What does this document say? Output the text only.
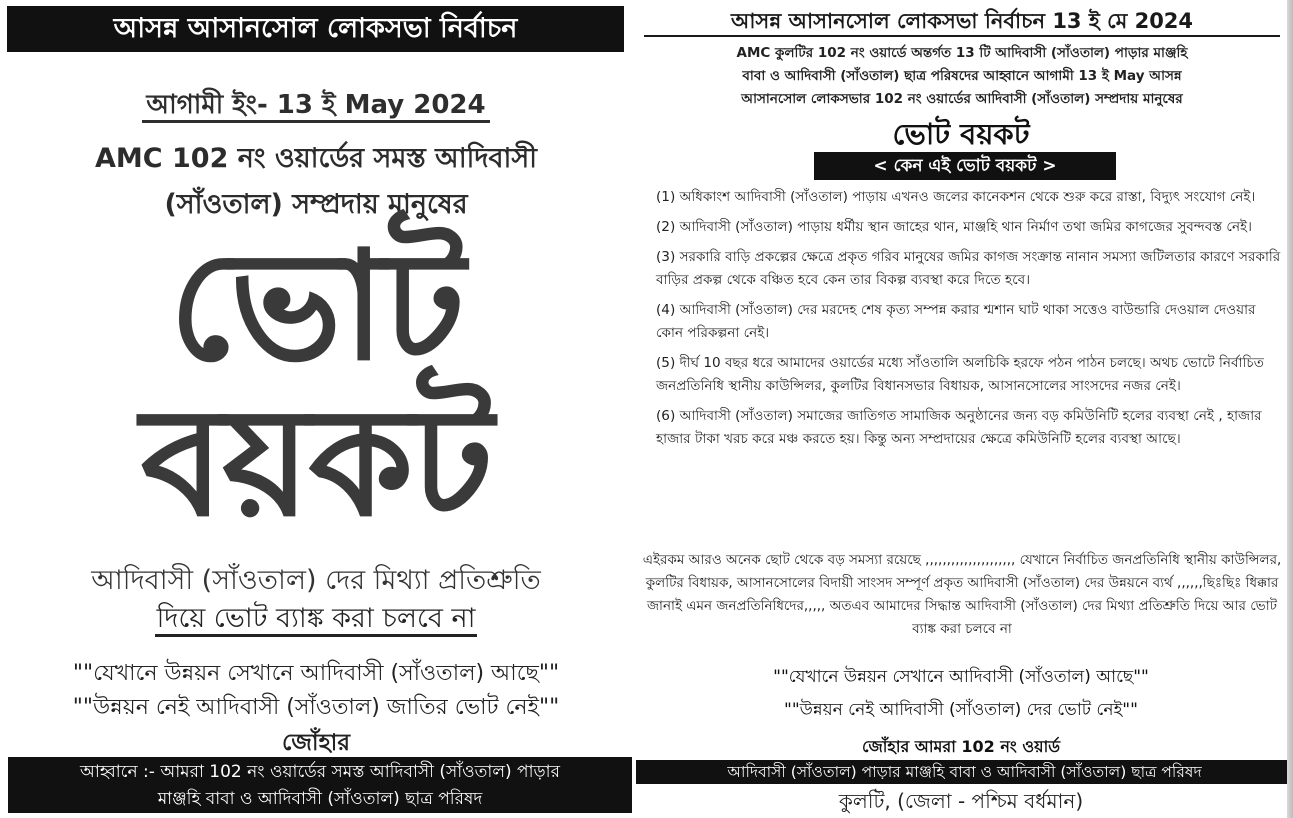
আসন্ন আসানসোল লোকসভা নির্বাচন
আগামী ইং- 13 ই May 2024
AMC 102 নং ওয়ার্ডের সমস্ত আদিবাসী
(সাঁওতাল) সম্প্রদায় মানুষের
ভোট
বয়কট
আদিবাসী (সাঁওতাল) দের মিথ্যা প্রতিশ্রুতি
দিয়ে ভোট ব্যাঙ্ক করা চলবে না
""যেখানে উন্নয়ন সেখানে আদিবাসী (সাঁওতাল) আছে""
""উন্নয়ন নেই আদিবাসী (সাঁওতাল) জাতির ভোট নেই""
জোঁহার
আহ্বানে :- আমরা 102 নং ওয়ার্ডের সমস্ত আদিবাসী (সাঁওতাল) পাড়ার
মাঞ্জহি বাবা ও আদিবাসী (সাঁওতাল) ছাত্র পরিষদ
আসন্ন আসানসোল লোকসভা নির্বাচন 13 ই মে 2024
AMC কুলটির 102 নং ওয়ার্ডে অন্তর্গত 13 টি আদিবাসী (সাঁওতাল) পাড়ার মাঞ্জহি
বাবা ও আদিবাসী (সাঁওতাল) ছাত্র পরিষদের আহ্বানে আগামী 13 ই May আসন্ন
আসানসোল লোকসভার 102 নং ওয়ার্ডের আদিবাসী (সাঁওতাল) সম্প্রদায় মানুষের
ভোট বয়কট
< কেন এই ভোট বয়কট >
(1) অধিকাংশ আদিবাসী (সাঁওতাল) পাড়ায় এখনও জলের কানেকশন থেকে শুরু করে রাস্তা, বিদ্যুৎ সংযোগ নেই।
(2) আদিবাসী (সাঁওতাল) পাড়ায় ধর্মীয় স্থান জাহের থান, মাঞ্জহি থান নির্মাণ তথা জমির কাগজের সুবন্দবস্ত নেই।
(3) সরকারি বাড়ি প্রকল্পের ক্ষেত্রে প্রকৃত গরিব মানুষের জমির কাগজ সংক্রান্ত নানান সমস্যা জটিলতার কারণে সরকারি বাড়ির প্রকল্প থেকে বঞ্চিত হবে কেন তার বিকল্প ব্যবস্থা করে দিতে হবে।
(4) আদিবাসী (সাঁওতাল) দের মরদেহ শেষ কৃত্য সম্পন্ন করার শ্মশান ঘাট থাকা সত্তেও বাউন্ডারি দেওয়াল দেওয়ার কোন পরিকল্পনা নেই।
(5) দীর্ঘ 10 বছর ধরে আমাদের ওয়ার্ডের মধ্যে সাঁওতালি অলচিকি হরফে পঠন পাঠন চলছে। অথচ ভোটে নির্বাচিত জনপ্রতিনিধি স্থানীয় কাউন্সিলর, কুলটির বিধানসভার বিধায়ক, আসানসোলের সাংসদের নজর নেই।
(6) আদিবাসী (সাঁওতাল) সমাজের জাতিগত সামাজিক অনুষ্ঠানের জন্য বড় কমিউনিটি হলের ব্যবস্থা নেই , হাজার হাজার টাকা খরচ করে মঞ্চ করতে হয়। কিন্তু অন্য সম্প্রদায়ের ক্ষেত্রে কমিউনিটি হলের ব্যবস্থা আছে।
এইরকম আরও অনেক ছোট থেকে বড় সমস্যা রয়েছে ,,,,,,,,,,,,,,,,,,,,, যেখানে নির্বাচিত জনপ্রতিনিধি স্থানীয় কাউন্সিলর, কুলটির বিধায়ক, আসানসোলের বিদায়ী সাংসদ সম্পূর্ণ প্রকৃত আদিবাসী (সাঁওতাল) দের উন্নয়নে ব্যর্থ ,,,,,,ছিঃছিঃ ধিক্কার জানাই এমন জনপ্রতিনিধিদের,,,,, অতএব আমাদের সিদ্ধান্ত আদিবাসী (সাঁওতাল) দের মিথ্যা প্রতিশ্রুতি দিয়ে আর ভোট ব্যাঙ্ক করা চলবে না
""যেখানে উন্নয়ন সেখানে আদিবাসী (সাঁওতাল) আছে""
""উন্নয়ন নেই আদিবাসী (সাঁওতাল) দের ভোট নেই""
জোঁহার আমরা 102 নং ওয়ার্ড
আদিবাসী (সাঁওতাল) পাড়ার মাঞ্জহি বাবা ও আদিবাসী (সাঁওতাল) ছাত্র পরিষদ
কুলটি, (জেলা - পশ্চিম বর্ধমান)
